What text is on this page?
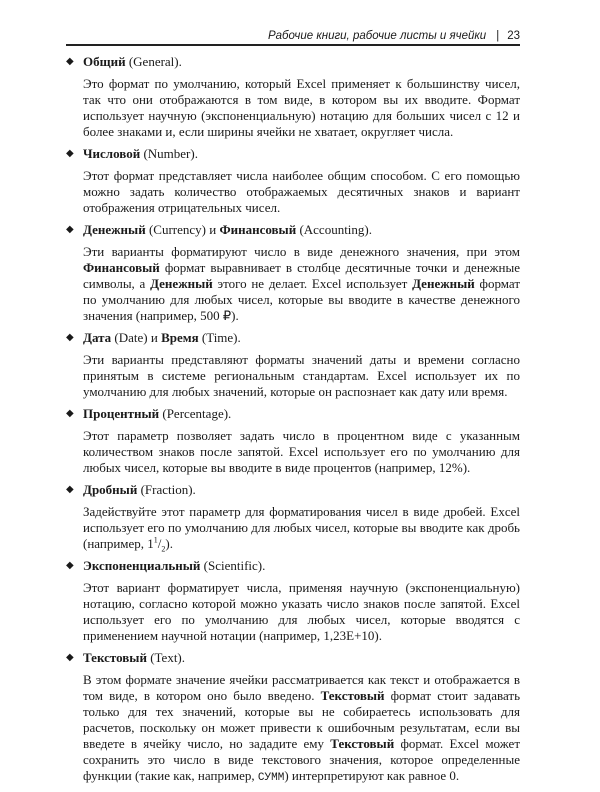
Рабочие книги, рабочие листы и ячейки | 23

◆ Общий (General).

Это формат по умолчанию, который Excel применяет к большинству чисел, так что они отображаются в том виде, в котором вы их вводите. Формат использует научную (экспоненциальную) нотацию для больших чисел с 12 и более знаками и, если ширины ячейки не хватает, округляет числа.

◆ Числовой (Number).

Этот формат представляет числа наиболее общим способом. С его помощью можно задать количество отображаемых десятичных знаков и вариант отображения отрицательных чисел.

◆ Денежный (Currency) и Финансовый (Accounting).

Эти варианты форматируют число в виде денежного значения, при этом Финансовый формат выравнивает в столбце десятичные точки и денежные символы, а Денежный этого не делает. Excel использует Денежный формат по умолчанию для любых чисел, которые вы вводите в качестве денежного значения (например, 500 ₽).

◆ Дата (Date) и Время (Time).

Эти варианты представляют форматы значений даты и времени согласно принятым в системе региональным стандартам. Excel использует их по умолчанию для любых значений, которые он распознает как дату или время.

◆ Процентный (Percentage).

Этот параметр позволяет задать число в процентном виде с указанным количеством знаков после запятой. Excel использует его по умолчанию для любых чисел, которые вы вводите в виде процентов (например, 12%).

◆ Дробный (Fraction).

Задействуйте этот параметр для форматирования чисел в виде дробей. Excel использует его по умолчанию для любых чисел, которые вы вводите как дробь (например, $1^1/_2$).

◆ Экспоненциальный (Scientific).

Этот вариант форматирует числа, применяя научную (экспоненциальную) нотацию, согласно которой можно указать число знаков после запятой. Excel использует его по умолчанию для любых чисел, которые вводятся с применением научной нотации (например, 1,23E+10).

◆ Текстовый (Text).

В этом формате значение ячейки рассматривается как текст и отображается в том виде, в котором оно было введено. Текстовый формат стоит задавать только для тех значений, которые вы не собираетесь использовать для расчетов, поскольку он может привести к ошибочным результатам, если вы введете в ячейку число, но зададите ему Текстовый формат. Excel может сохранить это число в виде текстового значения, которое определенные функции (такие как, например, СУММ) интерпретируют как равное 0.
